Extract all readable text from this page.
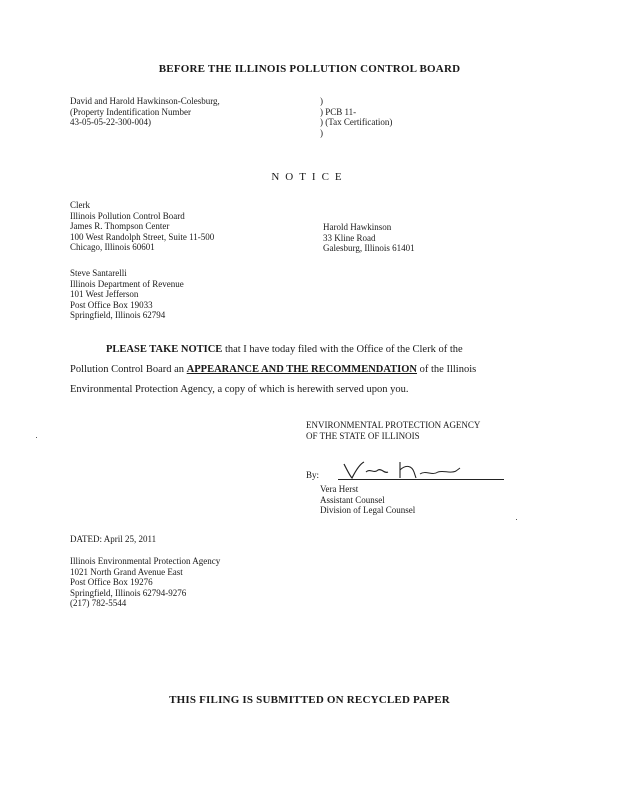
BEFORE THE ILLINOIS POLLUTION CONTROL BOARD
David and Harold Hawkinson-Colesburg,
(Property Indentification Number
43-05-05-22-300-004)
)
) PCB 11-
) (Tax Certification)
)
NOTICE
Clerk
Illinois Pollution Control Board
James R. Thompson Center
100 West Randolph Street, Suite 11-500
Chicago, Illinois 60601
Harold Hawkinson
33 Kline Road
Galesburg, Illinois 61401
Steve Santarelli
Illinois Department of Revenue
101 West Jefferson
Post Office Box 19033
Springfield, Illinois 62794
PLEASE TAKE NOTICE that I have today filed with the Office of the Clerk of the
Pollution Control Board an APPEARANCE AND THE RECOMMENDATION of the Illinois
Environmental Protection Agency, a copy of which is herewith served upon you.
ENVIRONMENTAL PROTECTION AGENCY
OF THE STATE OF ILLINOIS
By:
Vera Herst
Assistant Counsel
Division of Legal Counsel
DATED: April 25, 2011
Illinois Environmental Protection Agency
1021 North Grand Avenue East
Post Office Box 19276
Springfield, Illinois 62794-9276
(217) 782-5544
THIS FILING IS SUBMITTED ON RECYCLED PAPER
